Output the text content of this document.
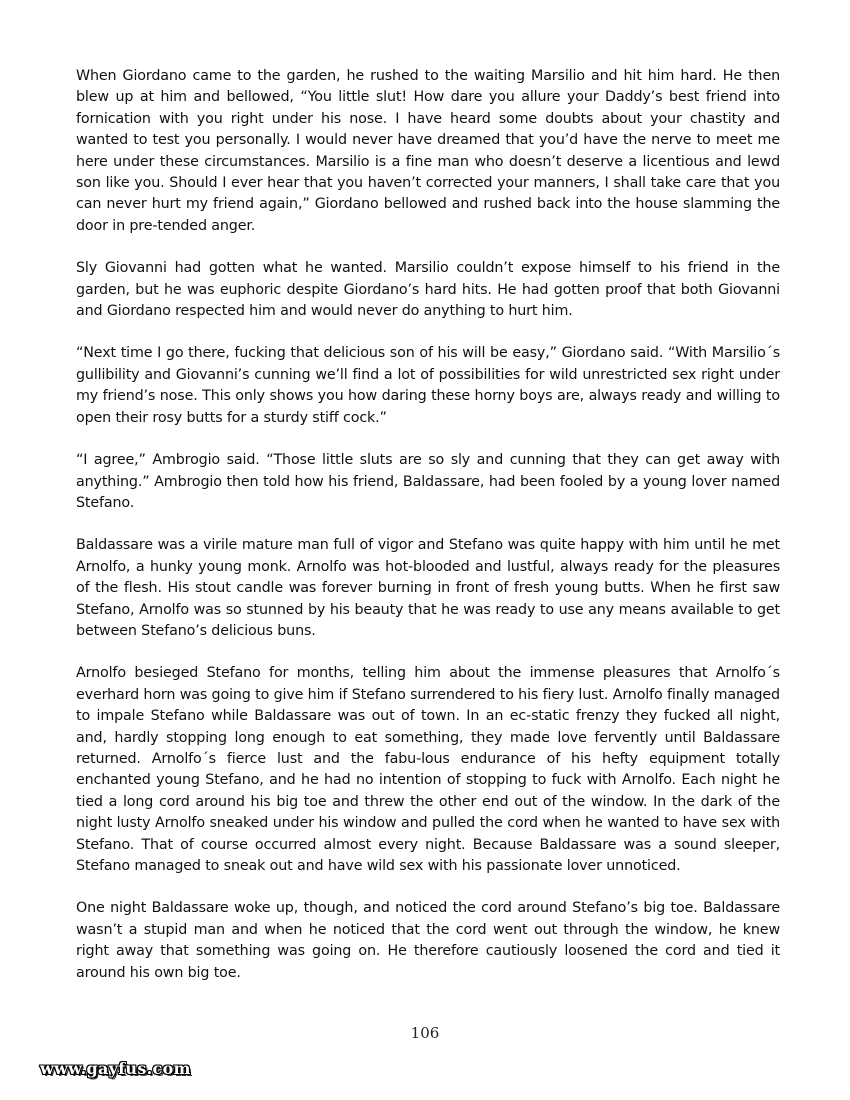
When Giordano came to the garden, he rushed to the waiting Marsilio and hit him hard. He then blew up at him and bellowed, “You little slut! How dare you allure your Daddy’s best friend into fornication with you right under his nose. I have heard some doubts about your chastity and wanted to test you personally. I would never have dreamed that you’d have the nerve to meet me here under these circumstances. Marsilio is a fine man who doesn’t deserve a licentious and lewd son like you. Should I ever hear that you haven’t corrected your manners, I shall take care that you can never hurt my friend again,” Giordano bellowed and rushed back into the house slamming the door in pre-tended anger.

Sly Giovanni had gotten what he wanted. Marsilio couldn’t expose himself to his friend in the garden, but he was euphoric despite Giordano’s hard hits. He had gotten proof that both Giovanni and Giordano respected him and would never do anything to hurt him.

“Next time I go there, fucking that delicious son of his will be easy,” Giordano said. “With Marsilio´s gullibility and Giovanni’s cunning we’ll find a lot of possibilities for wild unrestricted sex right under my friend’s nose. This only shows you how daring these horny boys are, always ready and willing to open their rosy butts for a sturdy stiff cock.”

“I agree,” Ambrogio said. “Those little sluts are so sly and cunning that they can get away with anything.” Ambrogio then told how his friend, Baldassare, had been fooled by a young lover named Stefano.

Baldassare was a virile mature man full of vigor and Stefano was quite happy with him until he met Arnolfo, a hunky young monk. Arnolfo was hot-blooded and lustful, always ready for the pleasures of the flesh. His stout candle was forever burning in front of fresh young butts. When he first saw Stefano, Arnolfo was so stunned by his beauty that he was ready to use any means available to get between Stefano’s delicious buns.

Arnolfo besieged Stefano for months, telling him about the immense pleasures that Arnolfo´s everhard horn was going to give him if Stefano surrendered to his fiery lust. Arnolfo finally managed to impale Stefano while Baldassare was out of town. In an ec-static frenzy they fucked all night, and, hardly stopping long enough to eat something, they made love fervently until Baldassare returned. Arnolfo´s fierce lust and the fabu-lous endurance of his hefty equipment totally enchanted young Stefano, and he had no intention of stopping to fuck with Arnolfo. Each night he tied a long cord around his big toe and threw the other end out of the window. In the dark of the night lusty Arnolfo sneaked under his window and pulled the cord when he wanted to have sex with Stefano. That of course occurred almost every night. Because Baldassare was a sound sleeper, Stefano managed to sneak out and have wild sex with his passionate lover unnoticed.

One night Baldassare woke up, though, and noticed the cord around Stefano’s big toe. Baldassare wasn’t a stupid man and when he noticed that the cord went out through the window, he knew right away that something was going on. He therefore cautiously loosened the cord and tied it around his own big toe.

106
www.gayfus.com
